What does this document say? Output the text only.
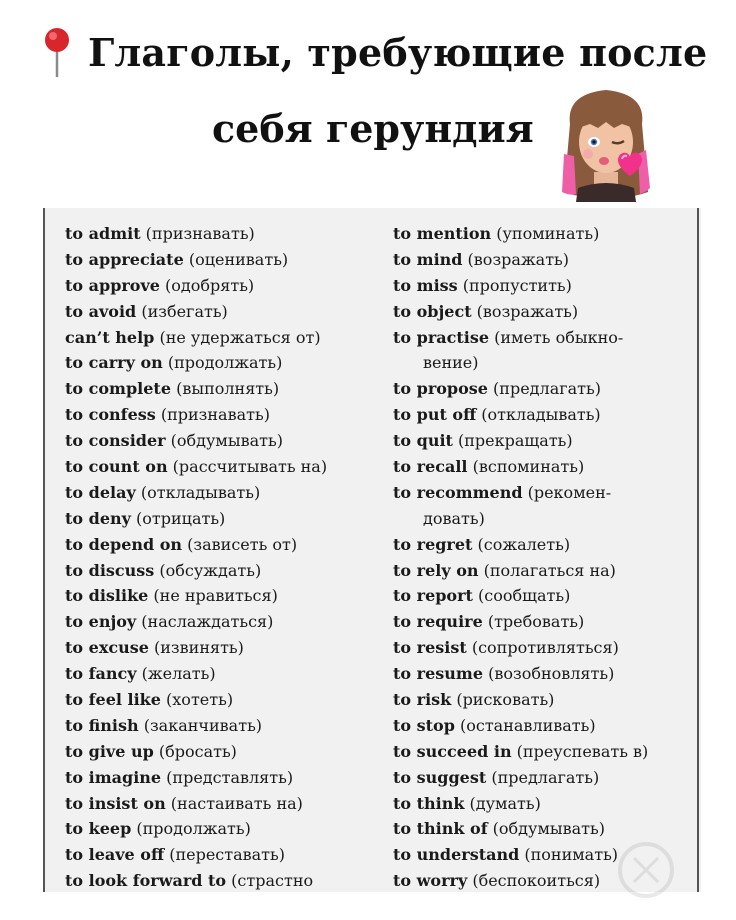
Глаголы, требующие после
себя герундия
to admit (признавать)
to appreciate (оценивать)
to approve (одобрять)
to avoid (избегать)
can’t help (не удержаться от)
to carry on (продолжать)
to complete (выполнять)
to confess (признавать)
to consider (обдумывать)
to count on (рассчитывать на)
to delay (откладывать)
to deny (отрицать)
to depend on (зависеть от)
to discuss (обсуждать)
to dislike (не нравиться)
to enjoy (наслаждаться)
to excuse (извинять)
to fancy (желать)
to feel like (хотеть)
to finish (заканчивать)
to give up (бросать)
to imagine (представлять)
to insist on (настаивать на)
to keep (продолжать)
to leave off (переставать)
to look forward to (страстно
to mention (упоминать)
to mind (возражать)
to miss (пропустить)
to object (возражать)
to practise (иметь обыкно-
вение)
to propose (предлагать)
to put off (откладывать)
to quit (прекращать)
to recall (вспоминать)
to recommend (рекомен-
довать)
to regret (сожалеть)
to rely on (полагаться на)
to report (сообщать)
to require (требовать)
to resist (сопротивляться)
to resume (возобновлять)
to risk (рисковать)
to stop (останавливать)
to succeed in (преуспевать в)
to suggest (предлагать)
to think (думать)
to think of (обдумывать)
to understand (понимать)
to worry (беспокоиться)
